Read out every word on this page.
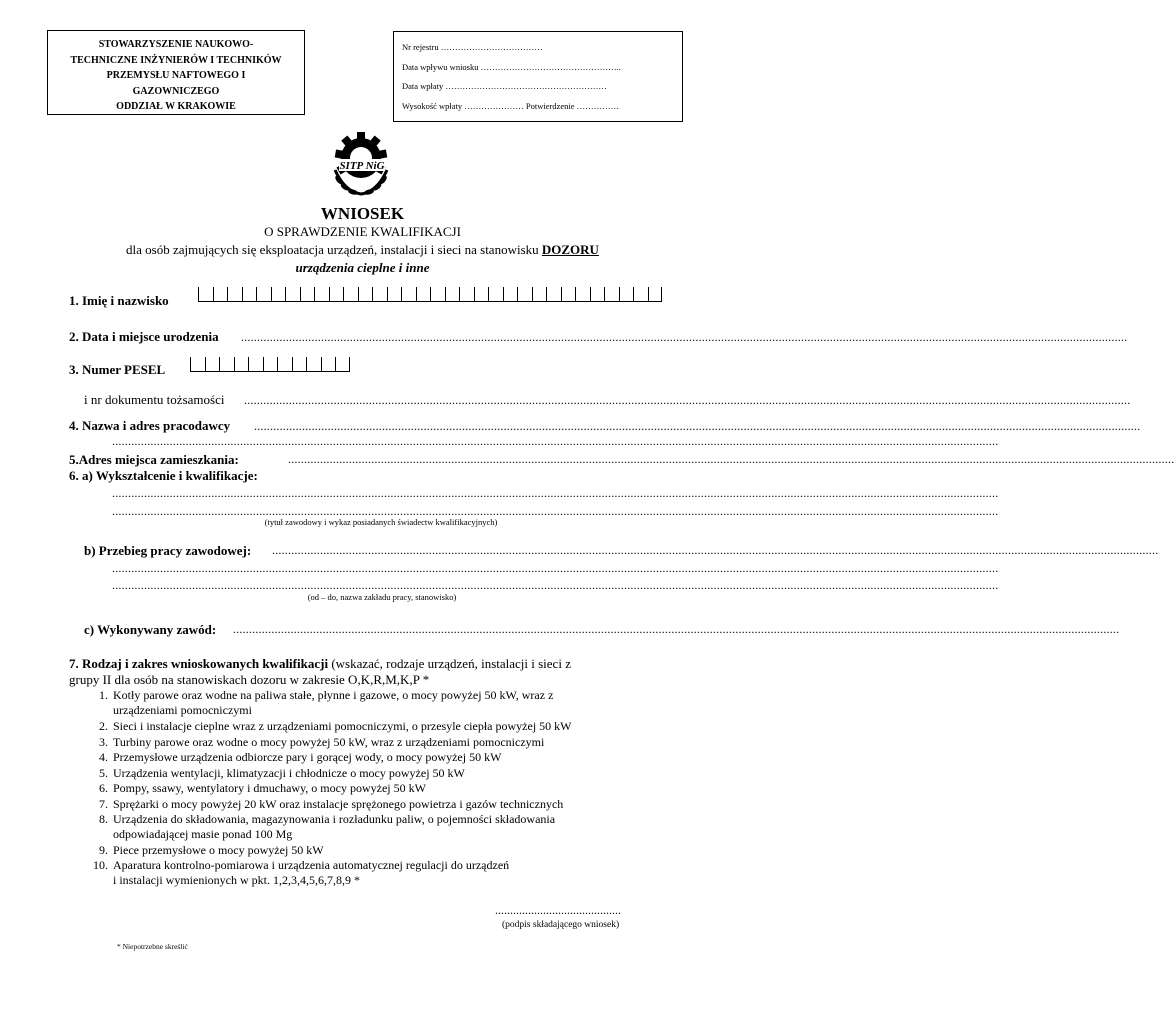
STOWARZYSZENIE NAUKOWO-
TECHNICZNE INŻYNIERÓW I TECHNIKÓW
PRZEMYSŁU NAFTOWEGO I
GAZOWNICZEGO
ODDZIAŁ W KRAKOWIE
Nr rejestru ………………………………
Data wpływu wniosku …………………………………………..
Data wpłaty …………………………………………………
Wysokość wpłaty ………………… Potwierdzenie ……………
SITP NiG
WNIOSEK
O SPRAWDZENIE KWALIFIKACJI
dla osób zajmujących się eksploatacja urządzeń, instalacji i sieci na stanowisku DOZORU
urządzenia cieplne i inne
1. Imię i nazwisko
2. Data i miejsce urodzenia .....................................................................................................................................................................................................................................................................................
3. Numer PESEL
i nr dokumentu tożsamości .....................................................................................................................................................................................................................................................................................
4. Nazwa i adres pracodawcy .....................................................................................................................................................................................................................................................................................
.....................................................................................................................................................................................................................................................................................
5.Adres miejsca zamieszkania:	.....................................................................................................................................................................................................................................................................................
6. a) Wykształcenie i kwalifikacje:
.....................................................................................................................................................................................................................................................................................
.....................................................................................................................................................................................................................................................................................
(tytuł zawodowy i wykaz posiadanych świadectw kwalifikacyjnych)
b) Przebieg pracy zawodowej: .....................................................................................................................................................................................................................................................................................
.....................................................................................................................................................................................................................................................................................
.....................................................................................................................................................................................................................................................................................
(od – do, nazwa zakładu pracy, stanowisko)
c) Wykonywany zawód: .....................................................................................................................................................................................................................................................................................
7. Rodzaj i zakres wnioskowanych kwalifikacji (wskazać, rodzaje urządzeń, instalacji i sieci z
grupy II dla osób na stanowiskach dozoru w zakresie O,K,R,M,K,P *
1. Kotły parowe oraz wodne na paliwa stałe, płynne i gazowe, o mocy powyżej 50 kW, wraz z
urządzeniami pomocniczymi
2. Sieci i instalacje cieplne wraz z urządzeniami pomocniczymi, o przesyle ciepła powyżej 50 kW
3. Turbiny parowe oraz wodne o mocy powyżej 50 kW, wraz z urządzeniami pomocniczymi
4. Przemysłowe urządzenia odbiorcze pary i gorącej wody, o mocy powyżej 50 kW
5. Urządzenia wentylacji, klimatyzacji i chłodnicze o mocy powyżej 50 kW
6. Pompy, ssawy, wentylatory i dmuchawy, o mocy powyżej 50 kW
7. Sprężarki o mocy powyżej 20 kW oraz instalacje sprężonego powietrza i gazów technicznych
8. Urządzenia do składowania, magazynowania i rozładunku paliw, o pojemności składowania
odpowiadającej masie ponad 100 Mg
9. Piece przemysłowe o mocy powyżej 50 kW
10. Aparatura kontrolno-pomiarowa i urządzenia automatycznej regulacji do urządzeń
i instalacji wymienionych w pkt. 1,2,3,4,5,6,7,8,9 *
..........................................
(podpis składającego wniosek)
* Niepotrzebne skreślić
